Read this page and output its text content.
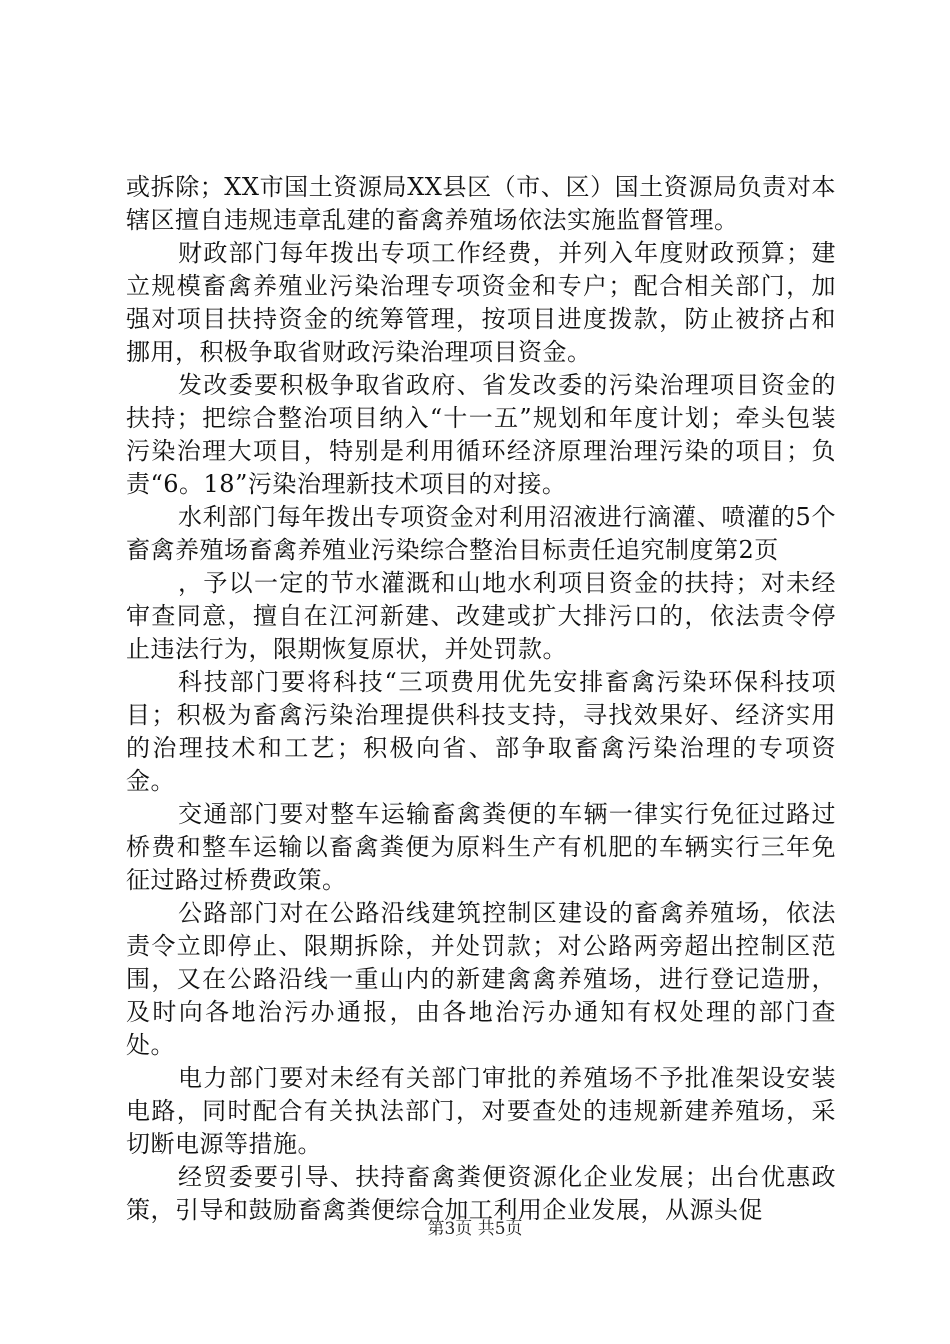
或拆除；XX市国土资源局XX县区（市、区）国土资源局负责对本辖区擅自违规违章乱建的畜禽养殖场依法实施监督管理。

财政部门每年拨出专项工作经费，并列入年度财政预算；建立规模畜禽养殖业污染治理专项资金和专户；配合相关部门，加强对项目扶持资金的统筹管理，按项目进度拨款，防止被挤占和挪用，积极争取省财政污染治理项目资金。

发改委要积极争取省政府、省发改委的污染治理项目资金的扶持；把综合整治项目纳入“十一五”规划和年度计划；牵头包装污染治理大项目，特别是利用循环经济原理治理污染的项目；负责“6。18”污染治理新技术项目的对接。

水利部门每年拨出专项资金对利用沼液进行滴灌、喷灌的5个畜禽养殖场畜禽养殖业污染综合整治目标责任追究制度第2页

，予以一定的节水灌溉和山地水利项目资金的扶持；对未经审查同意，擅自在江河新建、改建或扩大排污口的，依法责令停止违法行为，限期恢复原状，并处罚款。

科技部门要将科技“三项费用优先安排畜禽污染环保科技项目；积极为畜禽污染治理提供科技支持，寻找效果好、经济实用的治理技术和工艺；积极向省、部争取畜禽污染治理的专项资金。

交通部门要对整车运输畜禽粪便的车辆一律实行免征过路过桥费和整车运输以畜禽粪便为原料生产有机肥的车辆实行三年免征过路过桥费政策。

公路部门对在公路沿线建筑控制区建设的畜禽养殖场，依法责令立即停止、限期拆除，并处罚款；对公路两旁超出控制区范围，又在公路沿线一重山内的新建禽禽养殖场，进行登记造册，及时向各地治污办通报，由各地治污办通知有权处理的部门查处。

电力部门要对未经有关部门审批的养殖场不予批准架设安装电路，同时配合有关执法部门，对要查处的违规新建养殖场，采切断电源等措施。

经贸委要引导、扶持畜禽粪便资源化企业发展；出台优惠政策，引导和鼓励畜禽粪便综合加工利用企业发展，从源头促

第3页 共5页
